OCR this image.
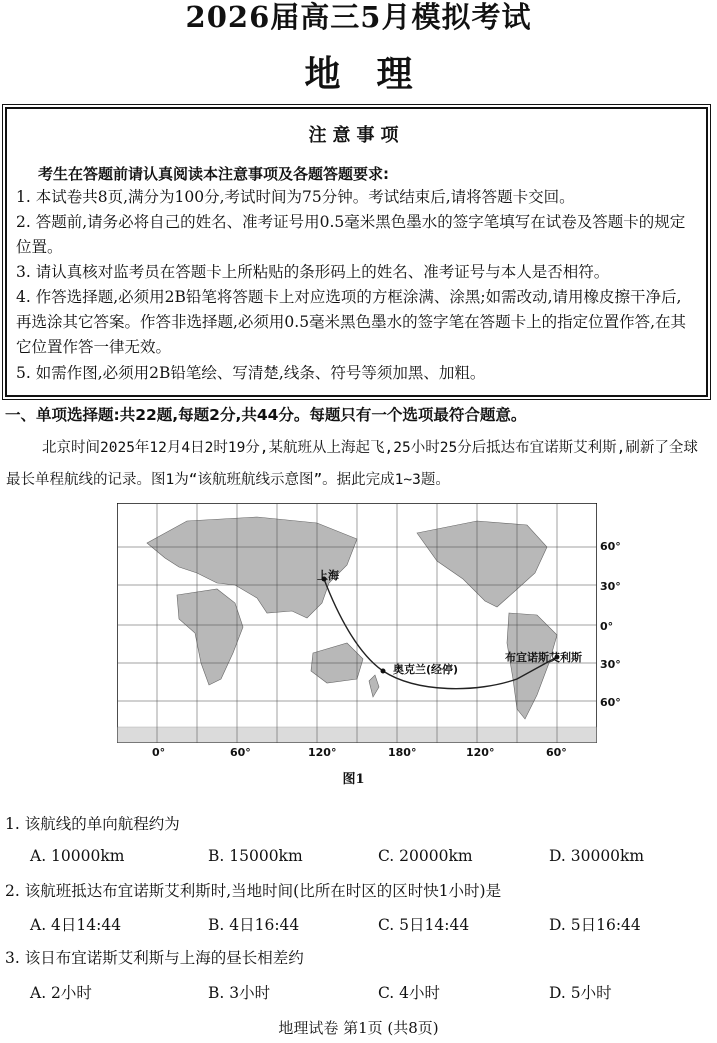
2026届高三5月模拟考试
地理
注意事项
考生在答题前请认真阅读本注意事项及各题答题要求:
1. 本试卷共8页,满分为100分,考试时间为75分钟。考试结束后,请将答题卡交回。
2. 答题前,请务必将自己的姓名、准考证号用0.5毫米黑色墨水的签字笔填写在试卷及答题卡的规定位置。
3. 请认真核对监考员在答题卡上所粘贴的条形码上的姓名、准考证号与本人是否相符。
4. 作答选择题,必须用2B铅笔将答题卡上对应选项的方框涂满、涂黑;如需改动,请用橡皮擦干净后,再选涂其它答案。作答非选择题,必须用0.5毫米黑色墨水的签字笔在答题卡上的指定位置作答,在其它位置作答一律无效。
5. 如需作图,必须用2B铅笔绘、写清楚,线条、符号等须加黑、加粗。
一、单项选择题:共22题,每题2分,共44分。每题只有一个选项最符合题意。
北京时间2025年12月4日2时19分,某航班从上海起飞,25小时25分后抵达布宜诺斯艾利斯,刷新了全球最长单程航线的记录。图1为“该航班航线示意图”。据此完成1~3题。
上海
奥克兰(经停)
布宜诺斯艾利斯
60°
30°
0°
30°
60°
0°	60°	120°	180°	120°	60°
图1
1. 该航线的单向航程约为
A. 10000km	B. 15000km	C. 20000km	D. 30000km
2. 该航班抵达布宜诺斯艾利斯时,当地时间(比所在时区的区时快1小时)是
A. 4日14:44	B. 4日16:44	C. 5日14:44	D. 5日16:44
3. 该日布宜诺斯艾利斯与上海的昼长相差约
A. 2小时	B. 3小时	C. 4小时	D. 5小时
地理试卷 第1页 (共8页)
